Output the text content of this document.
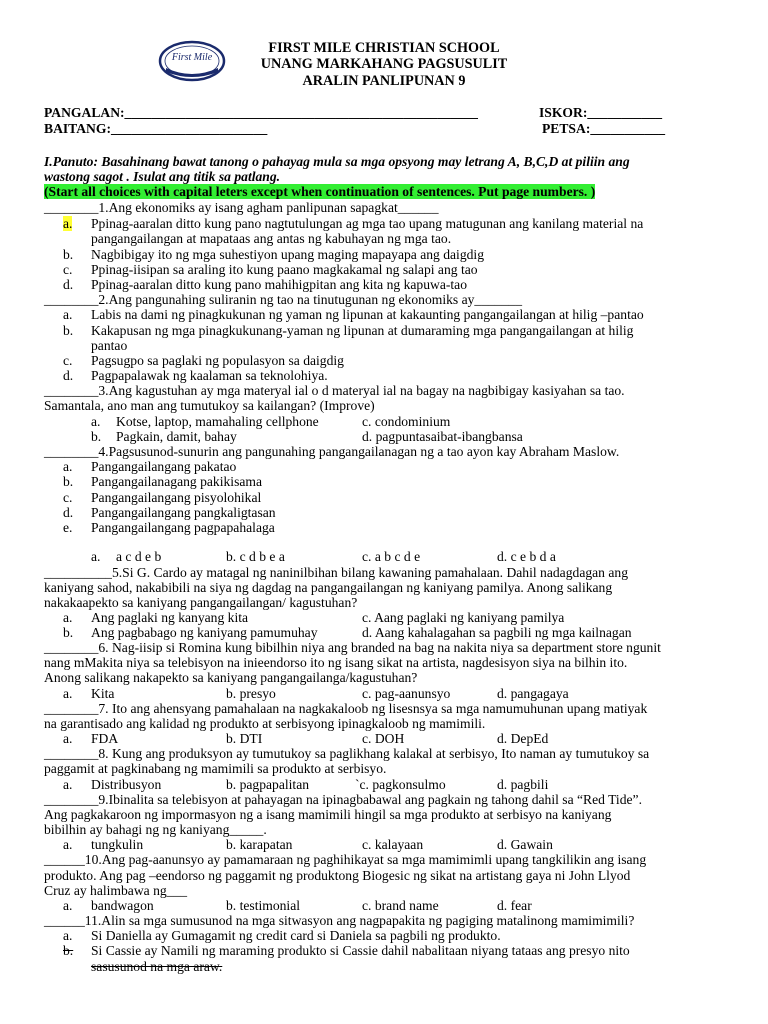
First Mile
FIRST MILE CHRISTIAN SCHOOL
UNANG MARKAHANG PAGSUSULIT
ARALIN PANLIPUNAN 9
PANGALAN:____________________________________________________	ISKOR:___________
BAITANG:_______________________	PETSA:___________
I.Panuto: Basahinang bawat tanong o pahayag mula sa mga opsyong may letrang A, B,C,D at piliin ang
wastong sagot . Isulat ang titik sa patlang.
(Start all choices with capital leters except when continuation of sentences. Put page numbers. )
________1.Ang ekonomiks ay isang agham panlipunan sapagkat______
a. Ppinag-aaralan ditto kung pano nagtutulungan ag mga tao upang matugunan ang kanilang material na
pangangailangan at mapataas ang antas ng kabuhayan ng mga tao.
b. Nagbibigay ito ng mga suhestiyon upang maging mapayapa ang daigdig
c. Ppinag-iisipan sa araling ito kung paano magkakamal ng salapi ang tao
d. Ppinag-aaralan ditto kung pano mahihigpitan ang kita ng kapuwa-tao
________2.Ang pangunahing suliranin ng tao na tinutugunan ng ekonomiks ay_______
a. Labis na dami ng pinagkukunan ng yaman ng lipunan at kakaunting pangangailangan at hilig –pantao
b. Kakapusan ng mga pinagkukunang-yaman ng lipunan at dumaraming mga pangangailangan at hilig
pantao
c. Pagsugpo sa paglaki ng populasyon sa daigdig
d. Pagpapalawak ng kaalaman sa teknolohiya.
________3.Ang kagustuhan ay mga materyal ial o d materyal ial na bagay na nagbibigay kasiyahan sa tao.
Samantala, ano man ang tumutukoy sa kailangan? (Improve)
a. Kotse, laptop, mamahaling cellphone	c. condominium
b. Pagkain, damit, bahay	d. pagpuntasaibat-ibangbansa
________4.Pagsusunod-sunurin ang pangunahing pangangailanagan ng a tao ayon kay Abraham Maslow.
a. Pangangailangang pakatao
b. Pangangailanagang pakikisama
c. Pangangailangang pisyolohikal
d. Pangangailangang pangkaligtasan
e. Pangangailangang pagpapahalaga
a. a c d e b	b. c d b e a	c. a b c d e	d. c e b d a
__________5.Si G. Cardo ay matagal ng naninilbihan bilang kawaning pamahalaan. Dahil nadagdagan ang
kaniyang sahod, nakabibili na siya ng dagdag na pangangailangan ng kaniyang pamilya. Anong salikang
nakakaapekto sa kaniyang pangangailangan/ kagustuhan?
a. Ang paglaki ng kanyang kita	c. Aang paglaki ng kaniyang pamilya
b. Ang pagbabago ng kaniyang pamumuhay	d. Aang kahalagahan sa pagbili ng mga kailnagan
________6. Nag-iisip si Romina kung bibilhin niya ang branded na bag na nakita niya sa department store ngunit
nang mMakita niya sa telebisyon na inieendorso ito ng isang sikat na artista, nagdesisyon siya na bilhin ito.
Anong salikang nakapekto sa kaniyang pangangailanga/kagustuhan?
a. Kita	b. presyo	c. pag-aanunsyo	d. pangagaya
________7. Ito ang ahensyang pamahalaan na nagkakaloob ng lisesnsya sa mga namumuhunan upang matiyak
na garantisado ang kalidad ng produkto at serbisyong ipinagkaloob ng mamimili.
a. FDA	b. DTI	c. DOH	d. DepEd
________8. Kung ang produksyon ay tumutukoy sa paglikhang kalakal at serbisyo, Ito naman ay tumutukoy sa
paggamit at pagkinabang ng mamimili sa produkto at serbisyo.
a. Distribusyon	b. pagpapalitan	`c. pagkonsulmo	d. pagbili
________9.Ibinalita sa telebisyon at pahayagan na ipinagbabawal ang pagkain ng tahong dahil sa “Red Tide”.
Ang pagkakaroon ng impormasyon ng a isang mamimili hingil sa mga produkto at serbisyo na kaniyang
bibilhin ay bahagi ng ng kaniyang_____.
a. tungkulin	b. karapatan	c. kalayaan	d. Gawain
______10.Ang pag-aanunsyo ay pamamaraan ng paghihikayat sa mga mamimimli upang tangkilikin ang isang
produkto. Ang pag –eendorso ng paggamit ng produktong Biogesic ng sikat na artistang gaya ni John Llyod
Cruz ay halimbawa ng___
a. bandwagon	b. testimonial	c. brand name	d. fear
______11.Alin sa mga sumusunod na mga sitwasyon ang nagpapakita ng pagiging matalinong mamimimili?
a. Si Daniella ay Gumagamit ng credit card si Daniela sa pagbili ng produkto.
b. Si Cassie ay Namili ng maraming produkto si Cassie dahil nabalitaan niyang tataas ang presyo nito
sasusunod na mga araw.
